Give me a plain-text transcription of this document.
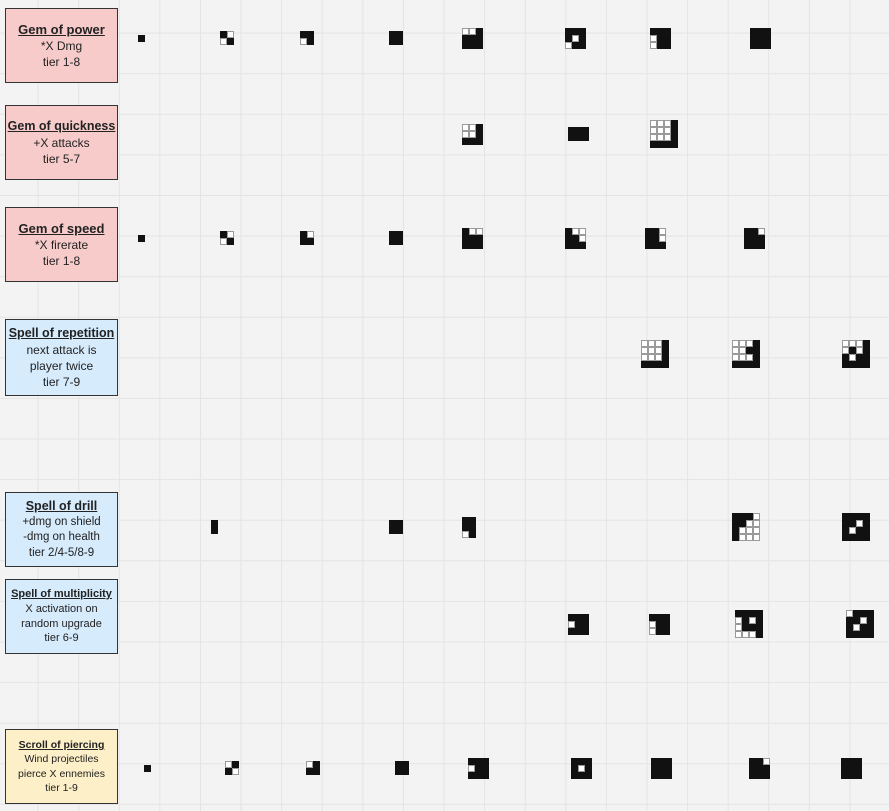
Gem of power
*X Dmg
tier 1-8
Gem of quickness
+X attacks
tier 5-7
Gem of speed
*X firerate
tier 1-8
Spell of repetition
next attack is
player twice
tier 7-9
Spell of drill
+dmg on shield
-dmg on health
tier 2/4-5/8-9
Spell of multiplicity
X activation on
random upgrade
tier 6-9
Scroll of piercing
Wind projectiles
pierce X ennemies
tier 1-9
